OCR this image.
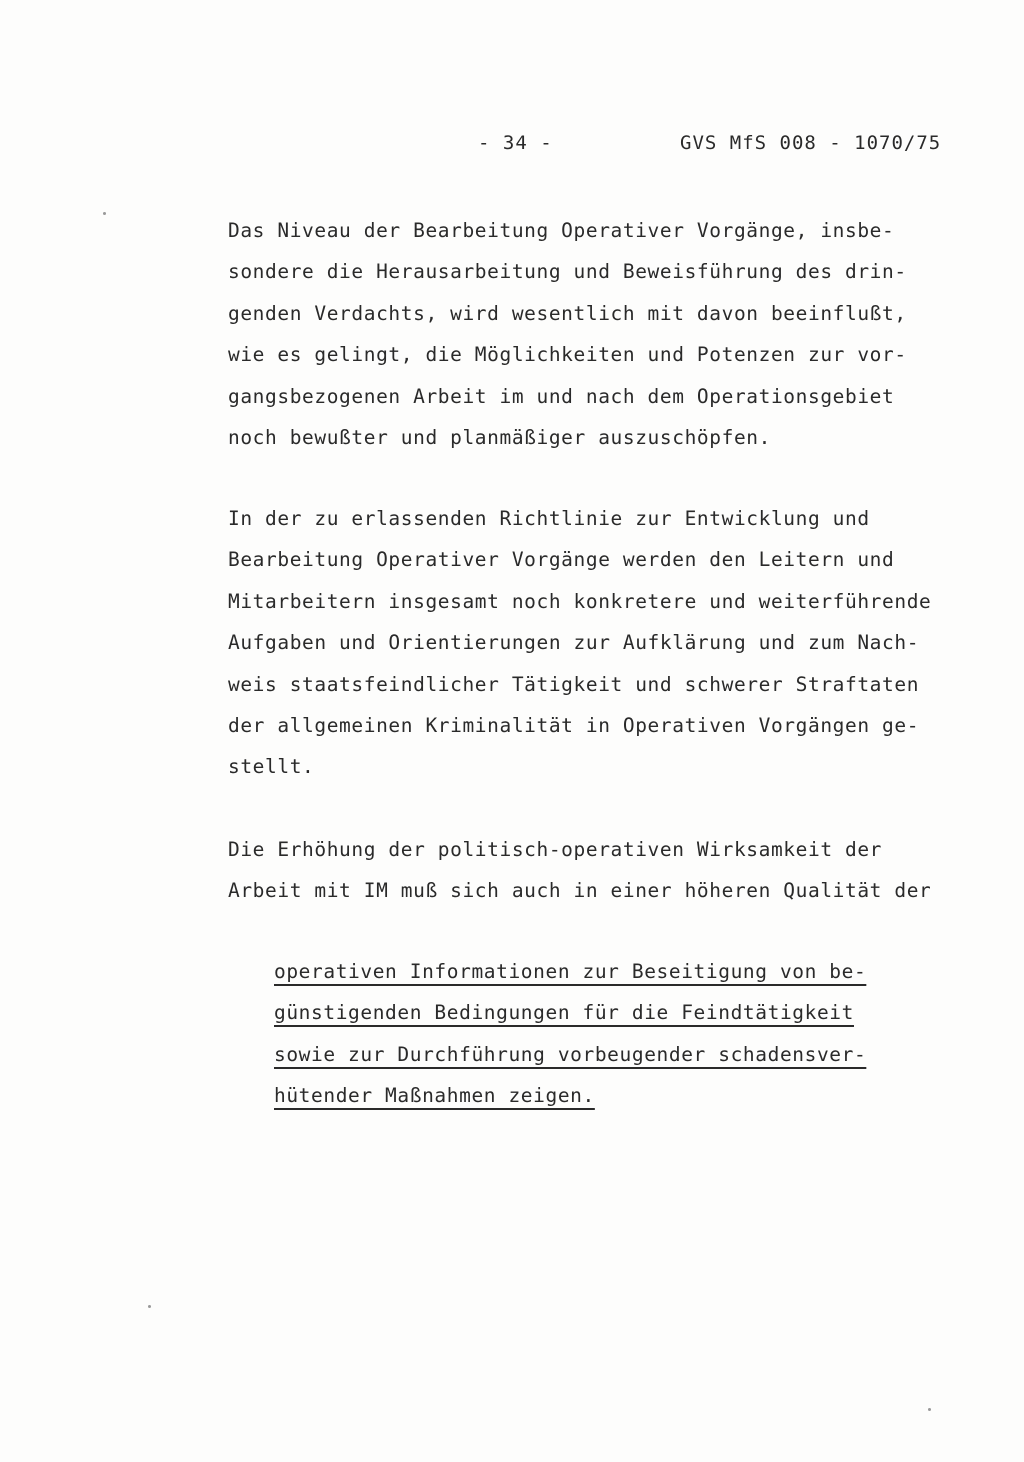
- 34 -	GVS MfS 008 - 1070/75
Das Niveau der Bearbeitung Operativer Vorgänge, insbe-
sondere die Herausarbeitung und Beweisführung des drin-
genden Verdachts, wird wesentlich mit davon beeinflußt,
wie es gelingt, die Möglichkeiten und Potenzen zur vor-
gangsbezogenen Arbeit im und nach dem Operationsgebiet
noch bewußter und planmäßiger auszuschöpfen.
In der zu erlassenden Richtlinie zur Entwicklung und
Bearbeitung Operativer Vorgänge werden den Leitern und
Mitarbeitern insgesamt noch konkretere und weiterführende
Aufgaben und Orientierungen zur Aufklärung und zum Nach-
weis staatsfeindlicher Tätigkeit und schwerer Straftaten
der allgemeinen Kriminalität in Operativen Vorgängen ge-
stellt.
Die Erhöhung der politisch-operativen Wirksamkeit der
Arbeit mit IM muß sich auch in einer höheren Qualität der
operativen Informationen zur Beseitigung von be-
günstigenden Bedingungen für die Feindtätigkeit
sowie zur Durchführung vorbeugender schadensver-
hütender Maßnahmen zeigen.
